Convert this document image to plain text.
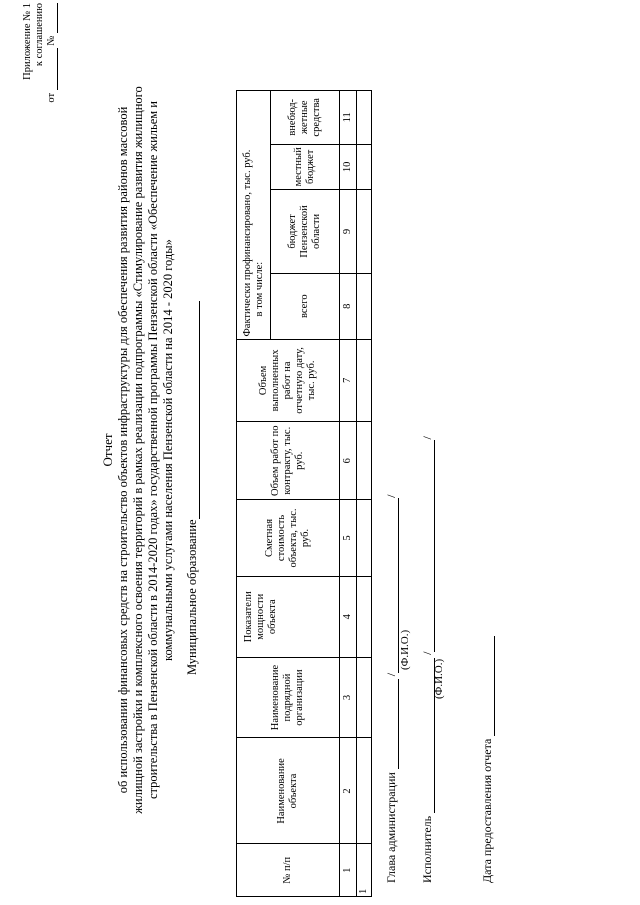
Приложение № 1 к соглашению
от  №
Отчет об использовании финансовых средств на строительство объектов инфраструктуры для обеспечения развития районов массовой жилищной застройки и комплексного освоения территорий в рамках реализации подпрограммы «Стимулирование развития жилищного строительства в Пензенской области в 2014-2020 годах» государственной программы Пензенской области «Обеспечение жильем и коммунальными услугами населения Пензенской области на 2014 - 2020 годы» Муниципальное образование
№ п/п	Наименование объекта	Наименование подрядной организации	Показатели мощности объекта	Сметная стоимость объекта, тыс. руб.	Объем работ по контракту, тыс. руб.	Объем выполненных работ на отчетную дату, тыс. руб.	Фактически профинансировано, тыс. руб.
в том числе:			
							всего	бюджет Пензенской области	местный бюджет	внебюд-жетные средства

1	2	3	4	5	6	7	8	9	10	11
1										
Глава администрации  //
(Ф.И.О.)
Исполнитель  //
(Ф.И.О.)
Дата предоставления отчета
